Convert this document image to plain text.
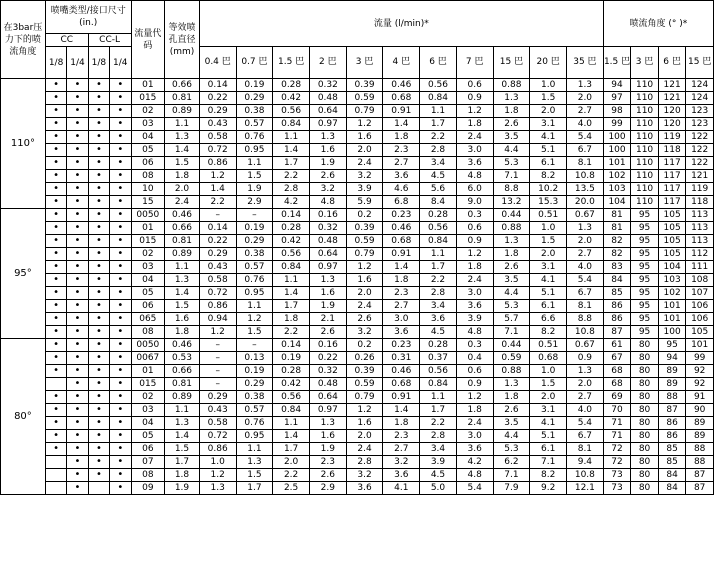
在3bar压力下的喷流角度	喷嘴类型/接口尺寸(in.)				流量代码	等效喷孔直径(mm)	流量 (l/min)*											喷流角度 (° )*			
	CC		CC-L																		

	1/8	1/4	1/8	1/4			0.4 巴	0.7 巴	1.5 巴	2 巴	3 巴	4 巴	6 巴	7 巴	15 巴	20 巴	35 巴	1.5 巴	3 巴	6 巴	15 巴
110°	•	•	•	•	01	0.66	0.14	0.19	0.28	0.32	0.39	0.46	0.56	0.6	0.88	1.0	1.3	94	110	121	124
	•	•	•	•	015	0.81	0.22	0.29	0.42	0.48	0.59	0.68	0.84	0.9	1.3	1.5	2.0	97	110	121	124
	•	•	•	•	02	0.89	0.29	0.38	0.56	0.64	0.79	0.91	1.1	1.2	1.8	2.0	2.7	98	110	120	123
	•	•	•	•	03	1.1	0.43	0.57	0.84	0.97	1.2	1.4	1.7	1.8	2.6	3.1	4.0	99	110	120	123
	•	•	•	•	04	1.3	0.58	0.76	1.1	1.3	1.6	1.8	2.2	2.4	3.5	4.1	5.4	100	110	119	122
	•	•	•	•	05	1.4	0.72	0.95	1.4	1.6	2.0	2.3	2.8	3.0	4.4	5.1	6.7	100	110	118	122
	•	•	•	•	06	1.5	0.86	1.1	1.7	1.9	2.4	2.7	3.4	3.6	5.3	6.1	8.1	101	110	117	122
	•	•	•	•	08	1.8	1.2	1.5	2.2	2.6	3.2	3.6	4.5	4.8	7.1	8.2	10.8	102	110	117	121
	•	•	•	•	10	2.0	1.4	1.9	2.8	3.2	3.9	4.6	5.6	6.0	8.8	10.2	13.5	103	110	117	119
	•	•	•	•	15	2.4	2.2	2.9	4.2	4.8	5.9	6.8	8.4	9.0	13.2	15.3	20.0	104	110	117	118
95°	•	•	•	•	0050	0.46	–	–	0.14	0.16	0.2	0.23	0.28	0.3	0.44	0.51	0.67	81	95	105	113
	•	•	•	•	01	0.66	0.14	0.19	0.28	0.32	0.39	0.46	0.56	0.6	0.88	1.0	1.3	81	95	105	113
	•	•	•	•	015	0.81	0.22	0.29	0.42	0.48	0.59	0.68	0.84	0.9	1.3	1.5	2.0	82	95	105	113
	•	•	•	•	02	0.89	0.29	0.38	0.56	0.64	0.79	0.91	1.1	1.2	1.8	2.0	2.7	82	95	105	112
	•	•	•	•	03	1.1	0.43	0.57	0.84	0.97	1.2	1.4	1.7	1.8	2.6	3.1	4.0	83	95	104	111
	•	•	•	•	04	1.3	0.58	0.76	1.1	1.3	1.6	1.8	2.2	2.4	3.5	4.1	5.4	84	95	103	108
	•	•	•	•	05	1.4	0.72	0.95	1.4	1.6	2.0	2.3	2.8	3.0	4.4	5.1	6.7	85	95	102	107
	•	•	•	•	06	1.5	0.86	1.1	1.7	1.9	2.4	2.7	3.4	3.6	5.3	6.1	8.1	86	95	101	106
	•	•	•	•	065	1.6	0.94	1.2	1.8	2.1	2.6	3.0	3.6	3.9	5.7	6.6	8.8	86	95	101	106
	•	•	•	•	08	1.8	1.2	1.5	2.2	2.6	3.2	3.6	4.5	4.8	7.1	8.2	10.8	87	95	100	105
80°	•	•	•	•	0050	0.46	–	–	0.14	0.16	0.2	0.23	0.28	0.3	0.44	0.51	0.67	61	80	95	101
	•	•	•	•	0067	0.53	–	0.13	0.19	0.22	0.26	0.31	0.37	0.4	0.59	0.68	0.9	67	80	94	99
	•	•	•	•	01	0.66	–	0.19	0.28	0.32	0.39	0.46	0.56	0.6	0.88	1.0	1.3	68	80	89	92
		•	•	•	015	0.81	–	0.29	0.42	0.48	0.59	0.68	0.84	0.9	1.3	1.5	2.0	68	80	89	92
	•	•	•	•	02	0.89	0.29	0.38	0.56	0.64	0.79	0.91	1.1	1.2	1.8	2.0	2.7	69	80	88	91
	•	•	•	•	03	1.1	0.43	0.57	0.84	0.97	1.2	1.4	1.7	1.8	2.6	3.1	4.0	70	80	87	90
	•	•	•	•	04	1.3	0.58	0.76	1.1	1.3	1.6	1.8	2.2	2.4	3.5	4.1	5.4	71	80	86	89
	•	•	•	•	05	1.4	0.72	0.95	1.4	1.6	2.0	2.3	2.8	3.0	4.4	5.1	6.7	71	80	86	89
	•	•	•	•	06	1.5	0.86	1.1	1.7	1.9	2.4	2.7	3.4	3.6	5.3	6.1	8.1	72	80	85	88
		•	•	•	07	1.7	1.0	1.3	2.0	2.3	2.8	3.2	3.9	4.2	6.2	7.1	9.4	72	80	85	88
		•	•	•	08	1.8	1.2	1.5	2.2	2.6	3.2	3.6	4.5	4.8	7.1	8.2	10.8	73	80	84	87
		•		•	09	1.9	1.3	1.7	2.5	2.9	3.6	4.1	5.0	5.4	7.9	9.2	12.1	73	80	84	87
